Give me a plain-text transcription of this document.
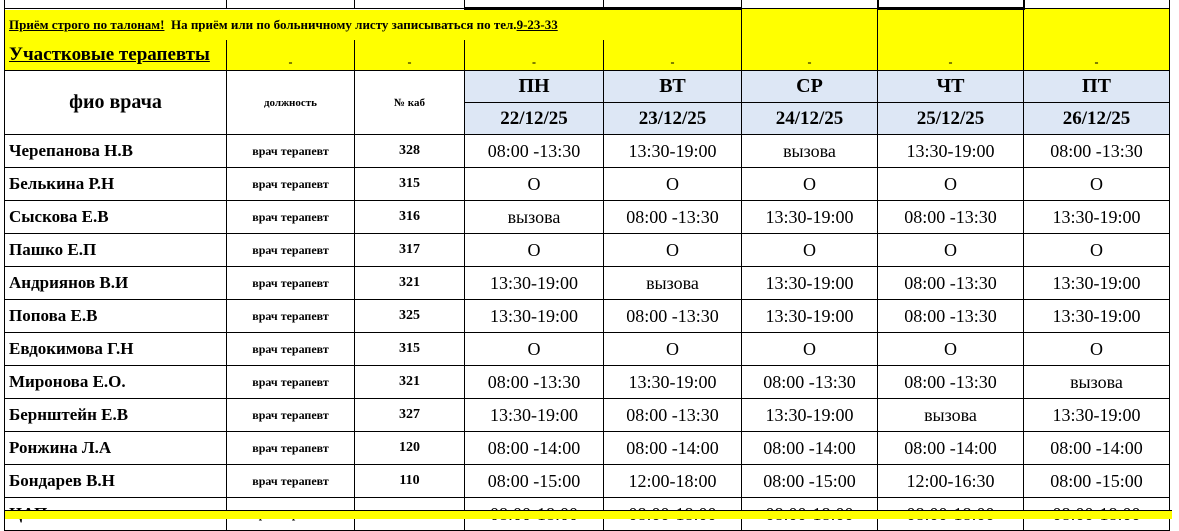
Приём строго по талонам! На приём или по больничному листу записываться по тел.9-23-33							
Участковые терапевты	-	-	-	-	-	-	-
фио врача	должность	№ каб	ПН	ВТ	СР	ЧТ	ПТ
			22/12/25	23/12/25	24/12/25	25/12/25	26/12/25
Черепанова Н.В	врач терапевт	328	08:00 -13:30	13:30-19:00	вызова	13:30-19:00	08:00 -13:30
Белькина Р.Н	врач терапевт	315	О	О	О	О	О
Сыскова Е.В	врач терапевт	316	вызова	08:00 -13:30	13:30-19:00	08:00 -13:30	13:30-19:00
Пашко Е.П	врач терапевт	317	О	О	О	О	О
Андриянов В.И	врач терапевт	321	13:30-19:00	вызова	13:30-19:00	08:00 -13:30	13:30-19:00
Попова Е.В	врач терапевт	325	13:30-19:00	08:00 -13:30	13:30-19:00	08:00 -13:30	13:30-19:00
Евдокимова Г.Н	врач терапевт	315	О	О	О	О	О
Миронова Е.О.	врач терапевт	321	08:00 -13:30	13:30-19:00	08:00 -13:30	08:00 -13:30	вызова
Бернштейн Е.В	врач терапевт	327	13:30-19:00	08:00 -13:30	13:30-19:00	вызова	13:30-19:00
Ронжина Л.А	врач терапевт	120	08:00 -14:00	08:00 -14:00	08:00 -14:00	08:00 -14:00	08:00 -14:00
Бондарев В.Н	врач терапевт	110	08:00 -15:00	12:00-18:00	08:00 -15:00	12:00-16:30	08:00 -15:00
